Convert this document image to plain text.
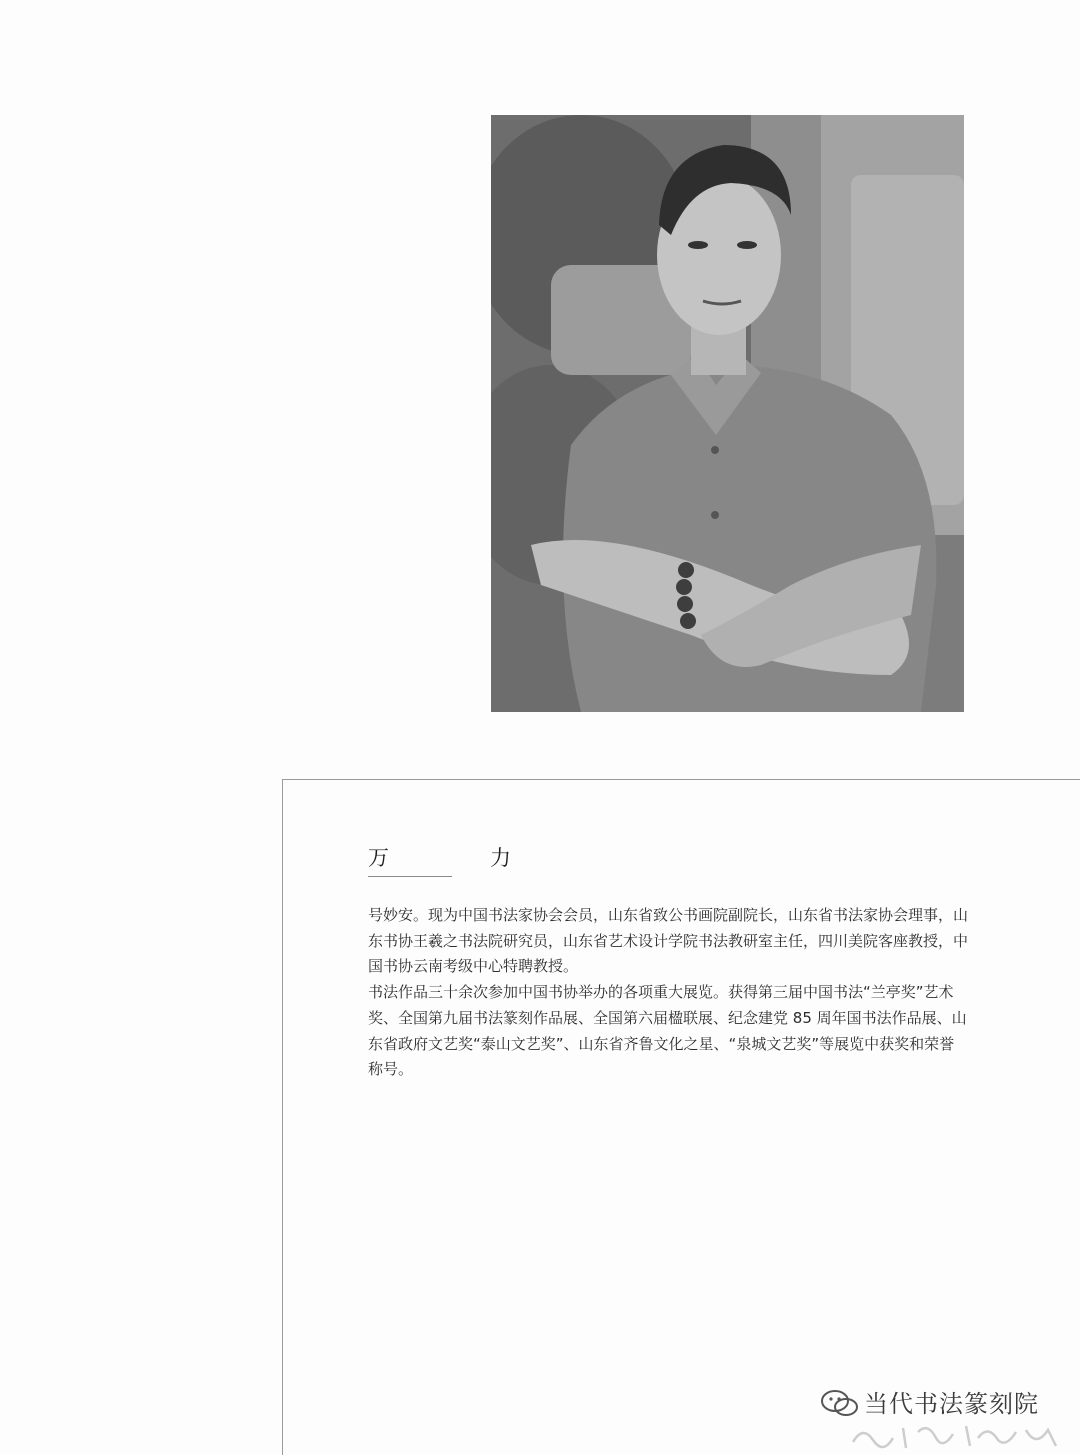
万　力

号妙安。现为中国书法家协会会员，山东省致公书画院副院长，山东省书法家协会理事，山东书协王羲之书法院研究员，山东省艺术设计学院书法教研室主任，四川美院客座教授，中国书协云南考级中心特聘教授。

书法作品三十余次参加中国书协举办的各项重大展览。获得第三届中国书法“兰亭奖”艺术奖、全国第九届书法篆刻作品展、全国第六届楹联展、纪念建党 85 周年国书法作品展、山东省政府文艺奖“泰山文艺奖”、山东省齐鲁文化之星、“泉城文艺奖”等展览中获奖和荣誉称号。

当代书法篆刻院
